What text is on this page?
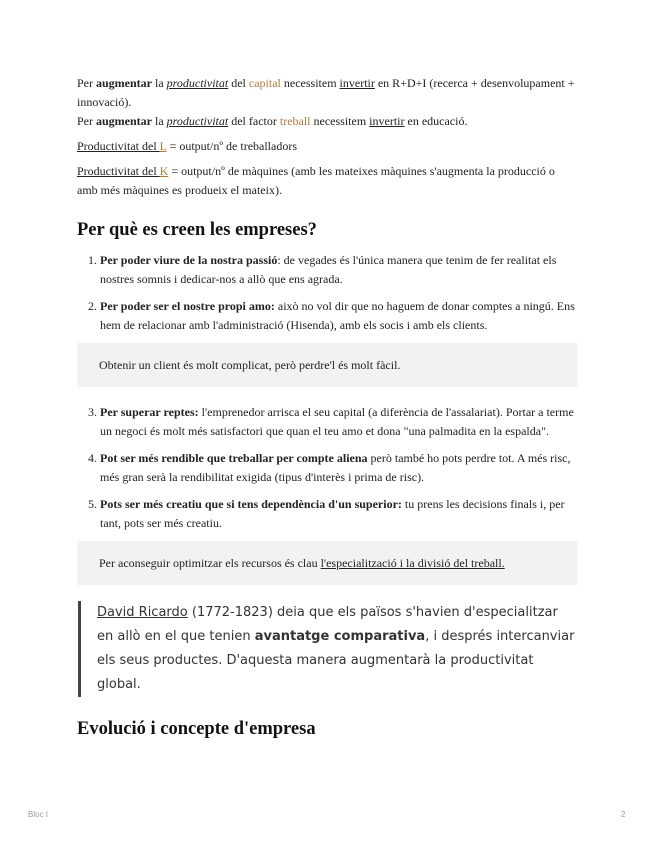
Per augmentar la productivitat del capital necessitem invertir en R+D+I (recerca + desenvolupament + innovació).

Per augmentar la productivitat del factor treball necessitem invertir en educació.

Productivitat del L = output/nº de treballadors

Productivitat del K = output/nº de màquines (amb les mateixes màquines s'augmenta la producció o amb més màquines es produeix el mateix).

Per què es creen les empreses?
1. Per poder viure de la nostra passió: de vegades és l'única manera que tenim de fer realitat els nostres somnis i dedicar-nos a allò que ens agrada.
2. Per poder ser el nostre propi amo: això no vol dir que no haguem de donar comptes a ningú. Ens hem de relacionar amb l'administració (Hisenda), amb els socis i amb els clients.
Obtenir un client és molt complicat, però perdre'l és molt fàcil.
3. Per superar reptes: l'emprenedor arrisca el seu capital (a diferència de l'assalariat). Portar a terme un negoci és molt més satisfactori que quan el teu amo et dona "una palmadita en la espalda".
4. Pot ser més rendible que treballar per compte aliena però també ho pots perdre tot. A més risc, més gran serà la rendibilitat exigida (tipus d'interès i prima de risc).
5. Pots ser més creatiu que si tens dependència d'un superior: tu prens les decisions finals i, per tant, pots ser més creatiu.
Per aconseguir optimitzar els recursos és clau l'especialització i la divisió del treball.
David Ricardo (1772-1823) deia que els països s'havien d'especialitzar en allò en el que tenien avantatge comparativa, i després intercanviar els seus productes. D'aquesta manera augmentarà la productivitat global.
Evolució i concepte d'empresa
Bloc I	2
